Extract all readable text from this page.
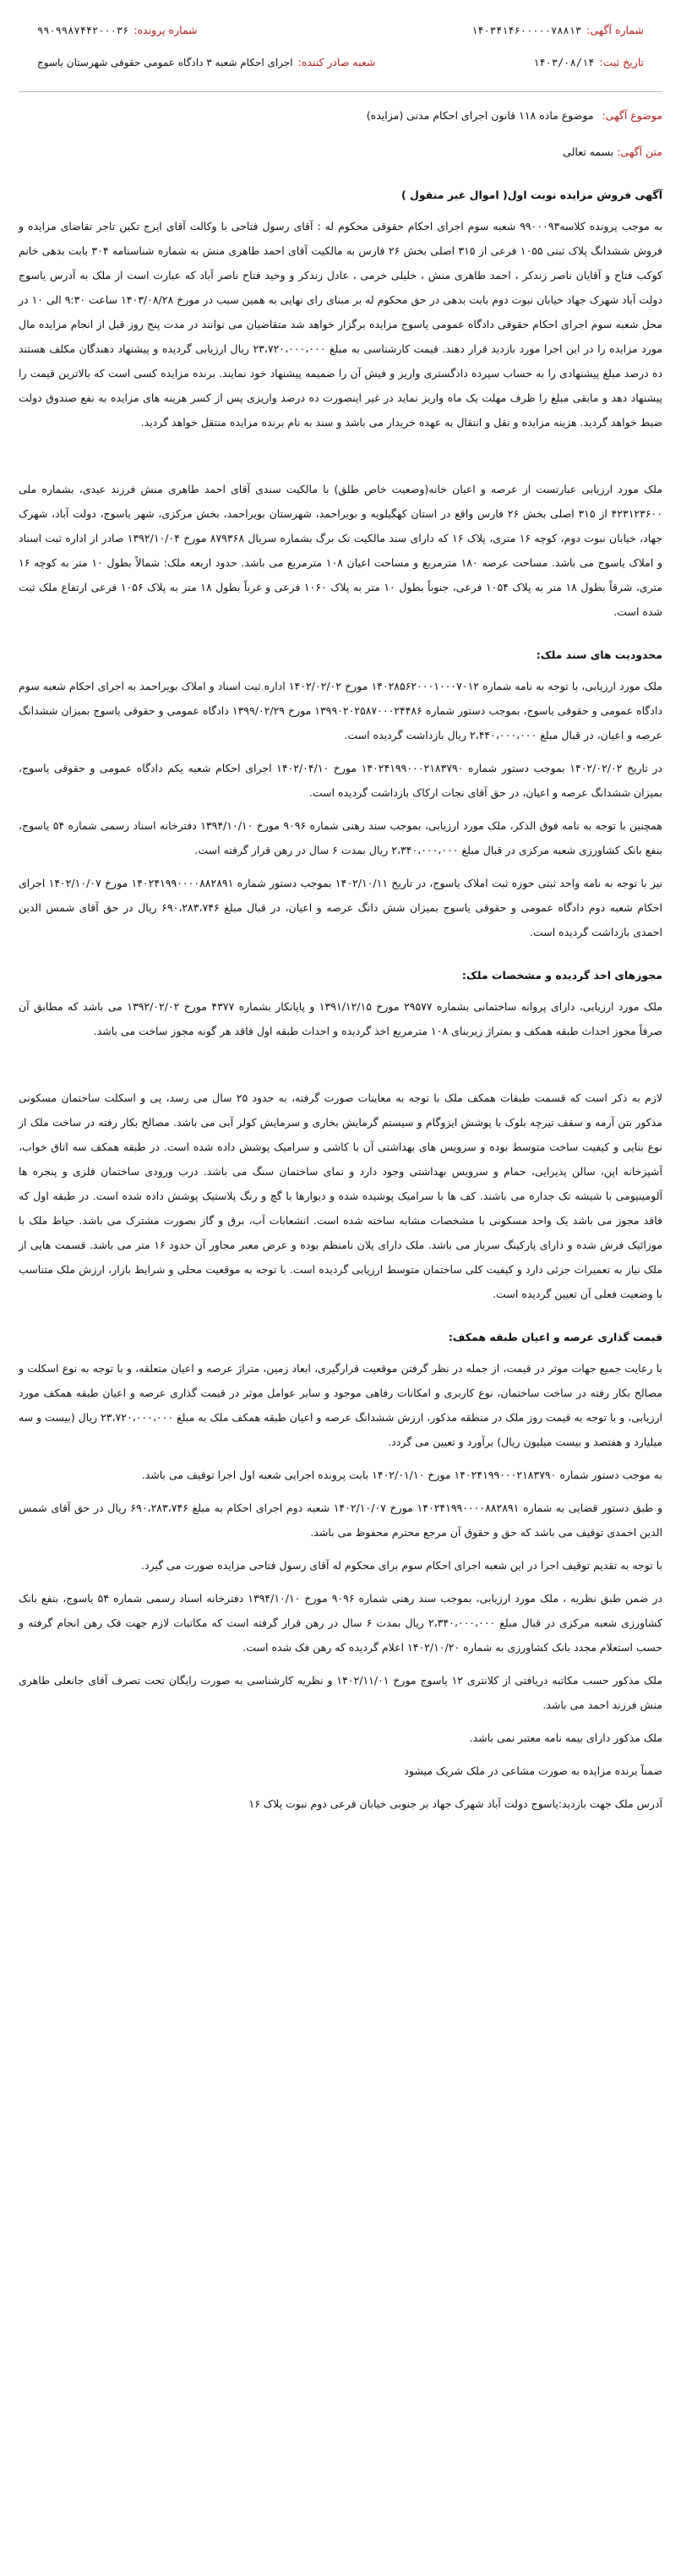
شماره آگهی:
۱۴۰۳۴۱۴۶۰۰۰۰۰۷۸۸۱۳
شماره پرونده:
۹۹۰۹۹۸۷۴۴۲۰۰۰۳۶
تاریخ ثبت:
۱۴۰۳/۰۸/۱۴
شعبه صادر کننده:
اجرای احکام شعبه ۳ دادگاه عمومی حقوقی شهرستان یاسوج
موضوع آگهی: موضوع ماده ۱۱۸ قانون اجرای احکام مدنی (مزایده)
متن آگهی: بسمه تعالی
آگهی فروش مزایده نوبت اول( اموال غیر منقول )
به موجب پرونده کلاسه۹۹۰۰۰۹۳ شعبه سوم اجرای احکام حقوقی محکوم له : آقای رسول فتاحی با وکالت آقای ایرج تکین تاجر تقاضای مزایده و فروش ششدانگ پلاک ثبتی ۱۰۵۵ فرعی از ۳۱۵ اصلی بخش ۲۶ فارس به مالکیت آقای احمد طاهری منش به شماره شناسنامه ۳۰۴ بابت بدهی خانم کوکب فتاح و آقایان ناصر زندکر ، احمد طاهری منش ، خلیلی خرمی ، عادل زندکر و وحید فتاح ناصر آباد که عبارت است از ملک به آدرس یاسوج دولت آباد شهرک جهاد خیابان نبوت دوم بابت بدهی در حق محکوم له بر مبنای رای نهایی به همین سبب در مورخ ۱۴۰۳/۰۸/۲۸ ساعت ۹:۳۰ الی ۱۰ در محل شعبه سوم اجرای احکام حقوقی دادگاه عمومی یاسوج مزایده برگزار خواهد شد متقاضیان می توانند در مدت پنج روز قبل از انجام مزایده مال مورد مزایده را در این اجرا مورد بازدید قرار دهند. قیمت کارشناسی به مبلغ ۲۳،۷۲۰،۰۰۰،۰۰۰ ریال ارزیابی گردیده و پیشنهاد دهندگان مکلف هستند ده درصد مبلغ پیشنهادی را به حساب سپرده دادگستری واریز و فیش آن را ضمیمه پیشنهاد خود نمایند. برنده مزایده کسی است که بالاترین قیمت را پیشنهاد دهد و مابقی مبلغ را ظرف مهلت یک ماه واریز نماید در غیر اینصورت ده درصد واریزی پس از کسر هزینه های مزایده به نفع صندوق دولت ضبط خواهد گردید. هزینه مزایده و نقل و انتقال به عهده خریدار می باشد و سند به نام برنده مزایده منتقل خواهد گردید.
ملک مورد ارزیابی عبارتست از عرصه و اعیان خانه(وضعیت خاص طلق) با مالکیت سندی آقای احمد طاهری منش فرزند عیدی، بشماره ملی ۴۲۳۱۲۳۶۰۰ از ۳۱۵ اصلی بخش ۲۶ فارس واقع در استان کهگیلویه و بویراحمد، شهرستان بویراحمد، بخش مرکزی، شهر یاسوج، دولت آباد، شهرک جهاد، خیابان نبوت دوم، کوچه ۱۶ متری، پلاک ۱۶ که دارای سند مالکیت تک برگ بشماره سریال ۸۷۹۳۶۸ مورخ ۱۳۹۲/۱۰/۰۴ صادر از اداره ثبت اسناد و املاک یاسوج می باشد. مساحت عرصه ۱۸۰ مترمربع و مساحت اعیان ۱۰۸ مترمربع می باشد. حدود اربعه ملک: شمالاً بطول ۱۰ متر به کوچه ۱۶ متری، شرقاً بطول ۱۸ متر به پلاک ۱۰۵۴ فرعی، جنوباً بطول ۱۰ متر به پلاک ۱۰۶۰ فرعی و غرباً بطول ۱۸ متر به پلاک ۱۰۵۶ فرعی ارتفاع ملک ثبت شده است.
محدودیت های سند ملک:
ملک مورد ارزیابی، با توجه به نامه شماره ۱۴۰۲۸۵۶۲۰۰۰۱۰۰۰۷۰۱۲ مورخ ۱۴۰۲/۰۲/۰۲ اداره ثبت اسناد و املاک بویراحمد به اجرای احکام شعبه سوم دادگاه عمومی و حقوقی یاسوج، بموجب دستور شماره ۱۳۹۹۰۲۰۲۵۸۷۰۰۰۲۴۴۸۶ مورخ ۱۳۹۹/۰۲/۲۹ دادگاه عمومی و حقوقی یاسوج بمیزان ششدانگ عرصه و اعیان، در قبال مبلغ ۲،۴۴۰،۰۰۰،۰۰۰ ریال بازداشت گردیده است.
در تاریخ ۱۴۰۲/۰۲/۰۲ بموجب دستور شماره ۱۴۰۲۴۱۹۹۰۰۰۲۱۸۳۷۹۰ مورخ ۱۴۰۲/۰۴/۱۰ اجرای احکام شعبه یکم دادگاه عمومی و حقوقی یاسوج، بمیزان ششدانگ عرصه و اعیان، در حق آقای نجات ارکاک بازداشت گردیده است.
همچنین با توجه به نامه فوق الذکر، ملک مورد ارزیابی، بموجب سند رهنی شماره ۹۰۹۶ مورخ ۱۳۹۴/۱۰/۱۰ دفترخانه اسناد رسمی شماره ۵۴ یاسوج، بنفع بانک کشاورزی شعبه مرکزی در قبال مبلغ ۲،۳۴۰،۰۰۰،۰۰۰ ریال بمدت ۶ سال در رهن قرار گرفته است.
نیز با توجه به نامه واحد ثبتی حوزه ثبت املاک یاسوج، در تاریخ ۱۴۰۲/۱۰/۱۱ بموجب دستور شماره ۱۴۰۲۴۱۹۹۰۰۰۰۸۸۲۸۹۱ مورخ ۱۴۰۲/۱۰/۰۷ اجرای احکام شعبه دوم دادگاه عمومی و حقوقی یاسوج بمیزان شش دانگ عرصه و اعیان، در قبال مبلغ ۶۹۰،۲۸۳،۷۴۶ ریال در حق آقای شمس الدین احمدی بازداشت گردیده است.
مجوزهای اخذ گردیده و مشخصات ملک:
ملک مورد ارزیابی، دارای پروانه ساختمانی بشماره ۲۹۵۷۷ مورخ ۱۳۹۱/۱۲/۱۵ و پایانکار بشماره ۴۳۷۷ مورخ ۱۳۹۲/۰۲/۰۲ می باشد که مطابق آن صرفاً مجوز احداث طبقه همکف و بمتراژ زیربنای ۱۰۸ مترمربع اخذ گردیده و احداث طبقه اول فاقد هر گونه مجوز ساخت می باشد.
لازم به ذکر است که قسمت طبقات همکف ملک با توجه به معاینات صورت گرفته، به حدود ۲۵ سال می رسد، پی و اسکلت ساختمان مسکونی مذکور بتن آرمه و سقف تیرچه بلوک با پوشش ایزوگام و سیستم گرمایش بخاری و سرمایش کولر آبی می باشد. مصالح بکار رفته در ساخت ملک از نوع بنایی و کیفیت ساخت متوسط بوده و سرویس های بهداشتی آن با کاشی و سرامیک پوشش داده شده است. در طبقه همکف سه اتاق خواب، آشپزخانه اپن، سالن پذیرایی، حمام و سرویس بهداشتی وجود دارد و نمای ساختمان سنگ می باشد. درب ورودی ساختمان فلزی و پنجره ها آلومینیومی با شیشه تک جداره می باشند. کف ها با سرامیک پوشیده شده و دیوارها با گچ و رنگ پلاستیک پوشش داده شده است. در طبقه اول که فاقد مجوز می باشد یک واحد مسکونی با مشخصات مشابه ساخته شده است. انشعابات آب، برق و گاز بصورت مشترک می باشد. حیاط ملک با موزائیک فرش شده و دارای پارکینگ سرباز می باشد. ملک دارای پلان نامنظم بوده و عرض معبر مجاور آن حدود ۱۶ متر می باشد. قسمت هایی از ملک نیاز به تعمیرات جزئی دارد و کیفیت کلی ساختمان متوسط ارزیابی گردیده است. با توجه به موقعیت محلی و شرایط بازار، ارزش ملک متناسب با وضعیت فعلی آن تعیین گردیده است.
قیمت گذاری عرصه و اعیان طبقه همکف:
با رعایت جمیع جهات موثر در قیمت، از جمله در نظر گرفتن موقعیت قرارگیری، ابعاد زمین، متراژ عرصه و اعیان متعلقه، و با توجه به نوع اسکلت و مصالح بکار رفته در ساخت ساختمان، نوع کاربری و امکانات رفاهی موجود و سایر عوامل موثر در قیمت گذاری عرصه و اعیان طبقه همکف مورد ارزیابی، و با توجه به قیمت روز ملک در منطقه مذکور، ارزش ششدانگ عرصه و اعیان طبقه همکف ملک به مبلغ ۲۳،۷۲۰،۰۰۰،۰۰۰ ریال (بیست و سه میلیارد و هفتصد و بیست میلیون ریال) برآورد و تعیین می گردد.
به موجب دستور شماره ۱۴۰۲۴۱۹۹۰۰۰۲۱۸۳۷۹۰ مورخ ۱۴۰۲/۰۱/۱۰ بابت پرونده اجرایی شعبه اول اجرا توقیف می باشد.
و طبق دستور قضایی به شماره ۱۴۰۲۴۱۹۹۰۰۰۰۸۸۲۸۹۱ مورخ ۱۴۰۲/۱۰/۰۷ شعبه دوم اجرای احکام به مبلغ ۶۹۰،۲۸۳،۷۴۶ ریال در حق آقای شمس الدین احمدی توقیف می باشد که حق و حقوق آن مرجع محترم محفوظ می باشد.
با توجه به تقدیم توقیف اجرا در این شعبه اجرای احکام سوم برای محکوم له آقای رسول فتاحی مزایده صورت می گیرد.
در ضمن طبق نظریه ، ملک مورد ارزیابی، بموجب سند رهنی شماره ۹۰۹۶ مورخ ۱۳۹۴/۱۰/۱۰ دفترخانه اسناد رسمی شماره ۵۴ یاسوج، بنفع بانک کشاورزی شعبه مرکزی در قبال مبلغ ۲،۳۴۰،۰۰۰،۰۰۰ ریال بمدت ۶ سال در رهن قرار گرفته است که مکاتبات لازم جهت فک رهن انجام گرفته و حسب استعلام مجدد بانک کشاورزی به شماره ۱۴۰۲/۱۰/۲۰ اعلام گردیده که رهن فک شده است.
ملک مذکور حسب مکاتبه دریافتی از کلانتری ۱۲ یاسوج مورخ ۱۴۰۲/۱۱/۰۱ و نظریه کارشناسی به صورت رایگان تحت تصرف آقای جانعلی طاهری منش فرزند احمد می باشد.
ملک مذکور دارای بیمه نامه معتبر نمی باشد.
ضمناً برنده مزایده به صورت مشاعی در ملک شریک میشود
آدرس ملک جهت بازدید:یاسوج دولت آباد شهرک جهاد بر جنوبی خیابان فرعی دوم نبوت پلاک ۱۶
